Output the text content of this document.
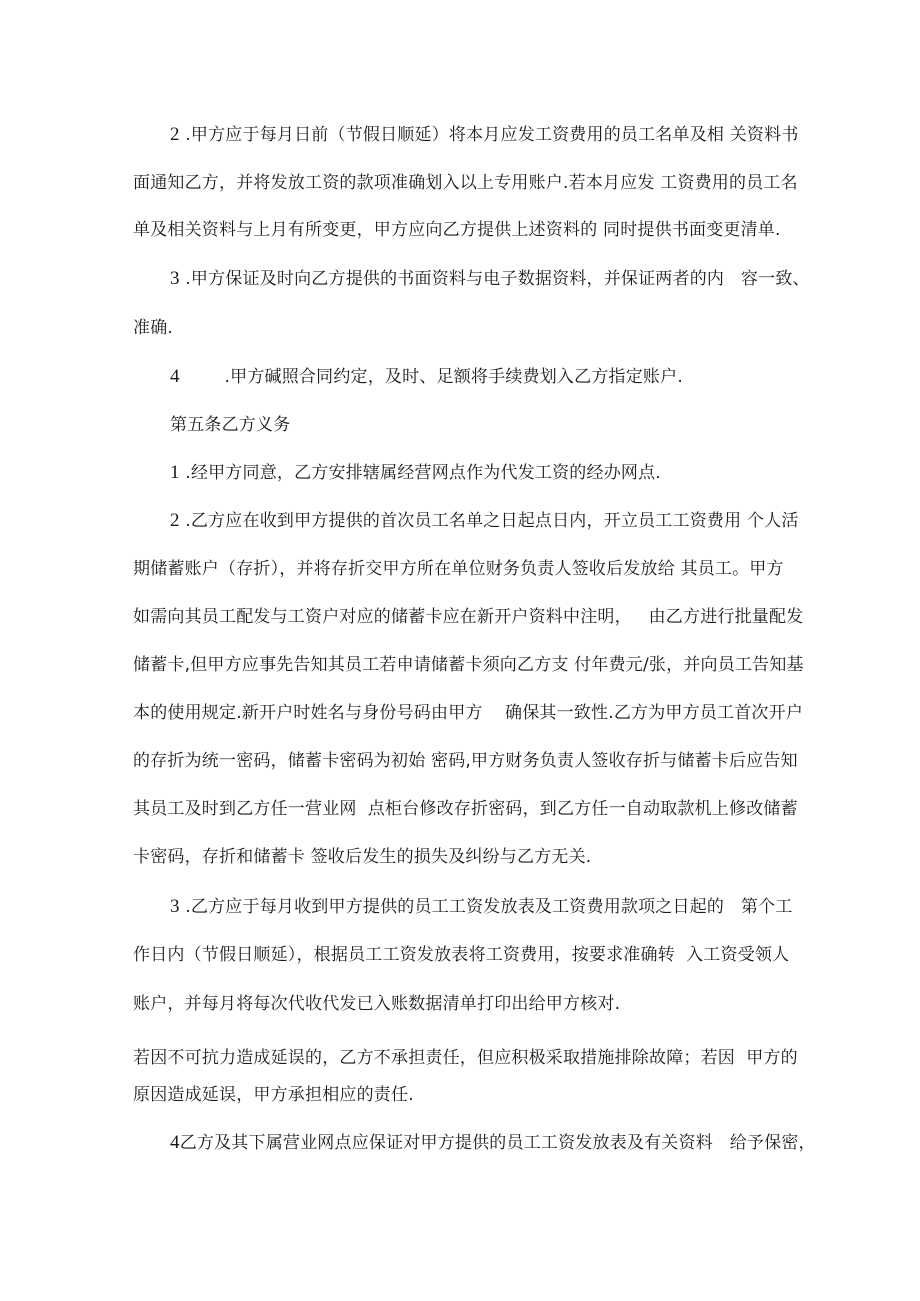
2 .甲方应于每月日前（节假日顺延）将本月应发工资费用的员工名单及相 关资料书
面通知乙方，并将发放工资的款项准确划入以上专用账户.若本月应发 工资费用的员工名
单及相关资料与上月有所变更，甲方应向乙方提供上述资料的 同时提供书面变更清单.
3 .甲方保证及时向乙方提供的书面资料与电子数据资料，并保证两者的内   容一致、
准确.
4        .甲方碱照合同约定，及时、足额将手续费划入乙方指定账户.
第五条乙方义务
1 .经甲方同意，乙方安排辖属经营网点作为代发工资的经办网点.
2 .乙方应在收到甲方提供的首次员工名单之日起点日内，开立员工工资费用 个人活
期储蓄账户（存折），并将存折交甲方所在单位财务负责人签收后发放给 其员工。甲方
如需向其员工配发与工资户对应的储蓄卡应在新开户资料中注明，   由乙方进行批量配发
储蓄卡,但甲方应事先告知其员工若申请储蓄卡须向乙方支 付年费元/张，并向员工告知基
本的使用规定.新开户时姓名与身份号码由甲方    确保其一致性.乙方为甲方员工首次开户
的存折为统一密码，储蓄卡密码为初始 密码,甲方财务负责人签收存折与储蓄卡后应告知
其员工及时到乙方任一营业网  点柜台修改存折密码，到乙方任一自动取款机上修改储蓄
卡密码，存折和储蓄卡 签收后发生的损失及纠纷与乙方无关.
3 .乙方应于每月收到甲方提供的员工工资发放表及工资费用款项之日起的   第个工
作日内（节假日顺延），根据员工工资发放表将工资费用，按要求准确转  入工资受领人
账户，并每月将每次代收代发已入账数据清单打印出给甲方核对.
若因不可抗力造成延误的，乙方不承担责任，但应积极采取措施排除故障；若因  甲方的
原因造成延误，甲方承担相应的责任.
4乙方及其下属营业网点应保证对甲方提供的员工工资发放表及有关资料   给予保密，
